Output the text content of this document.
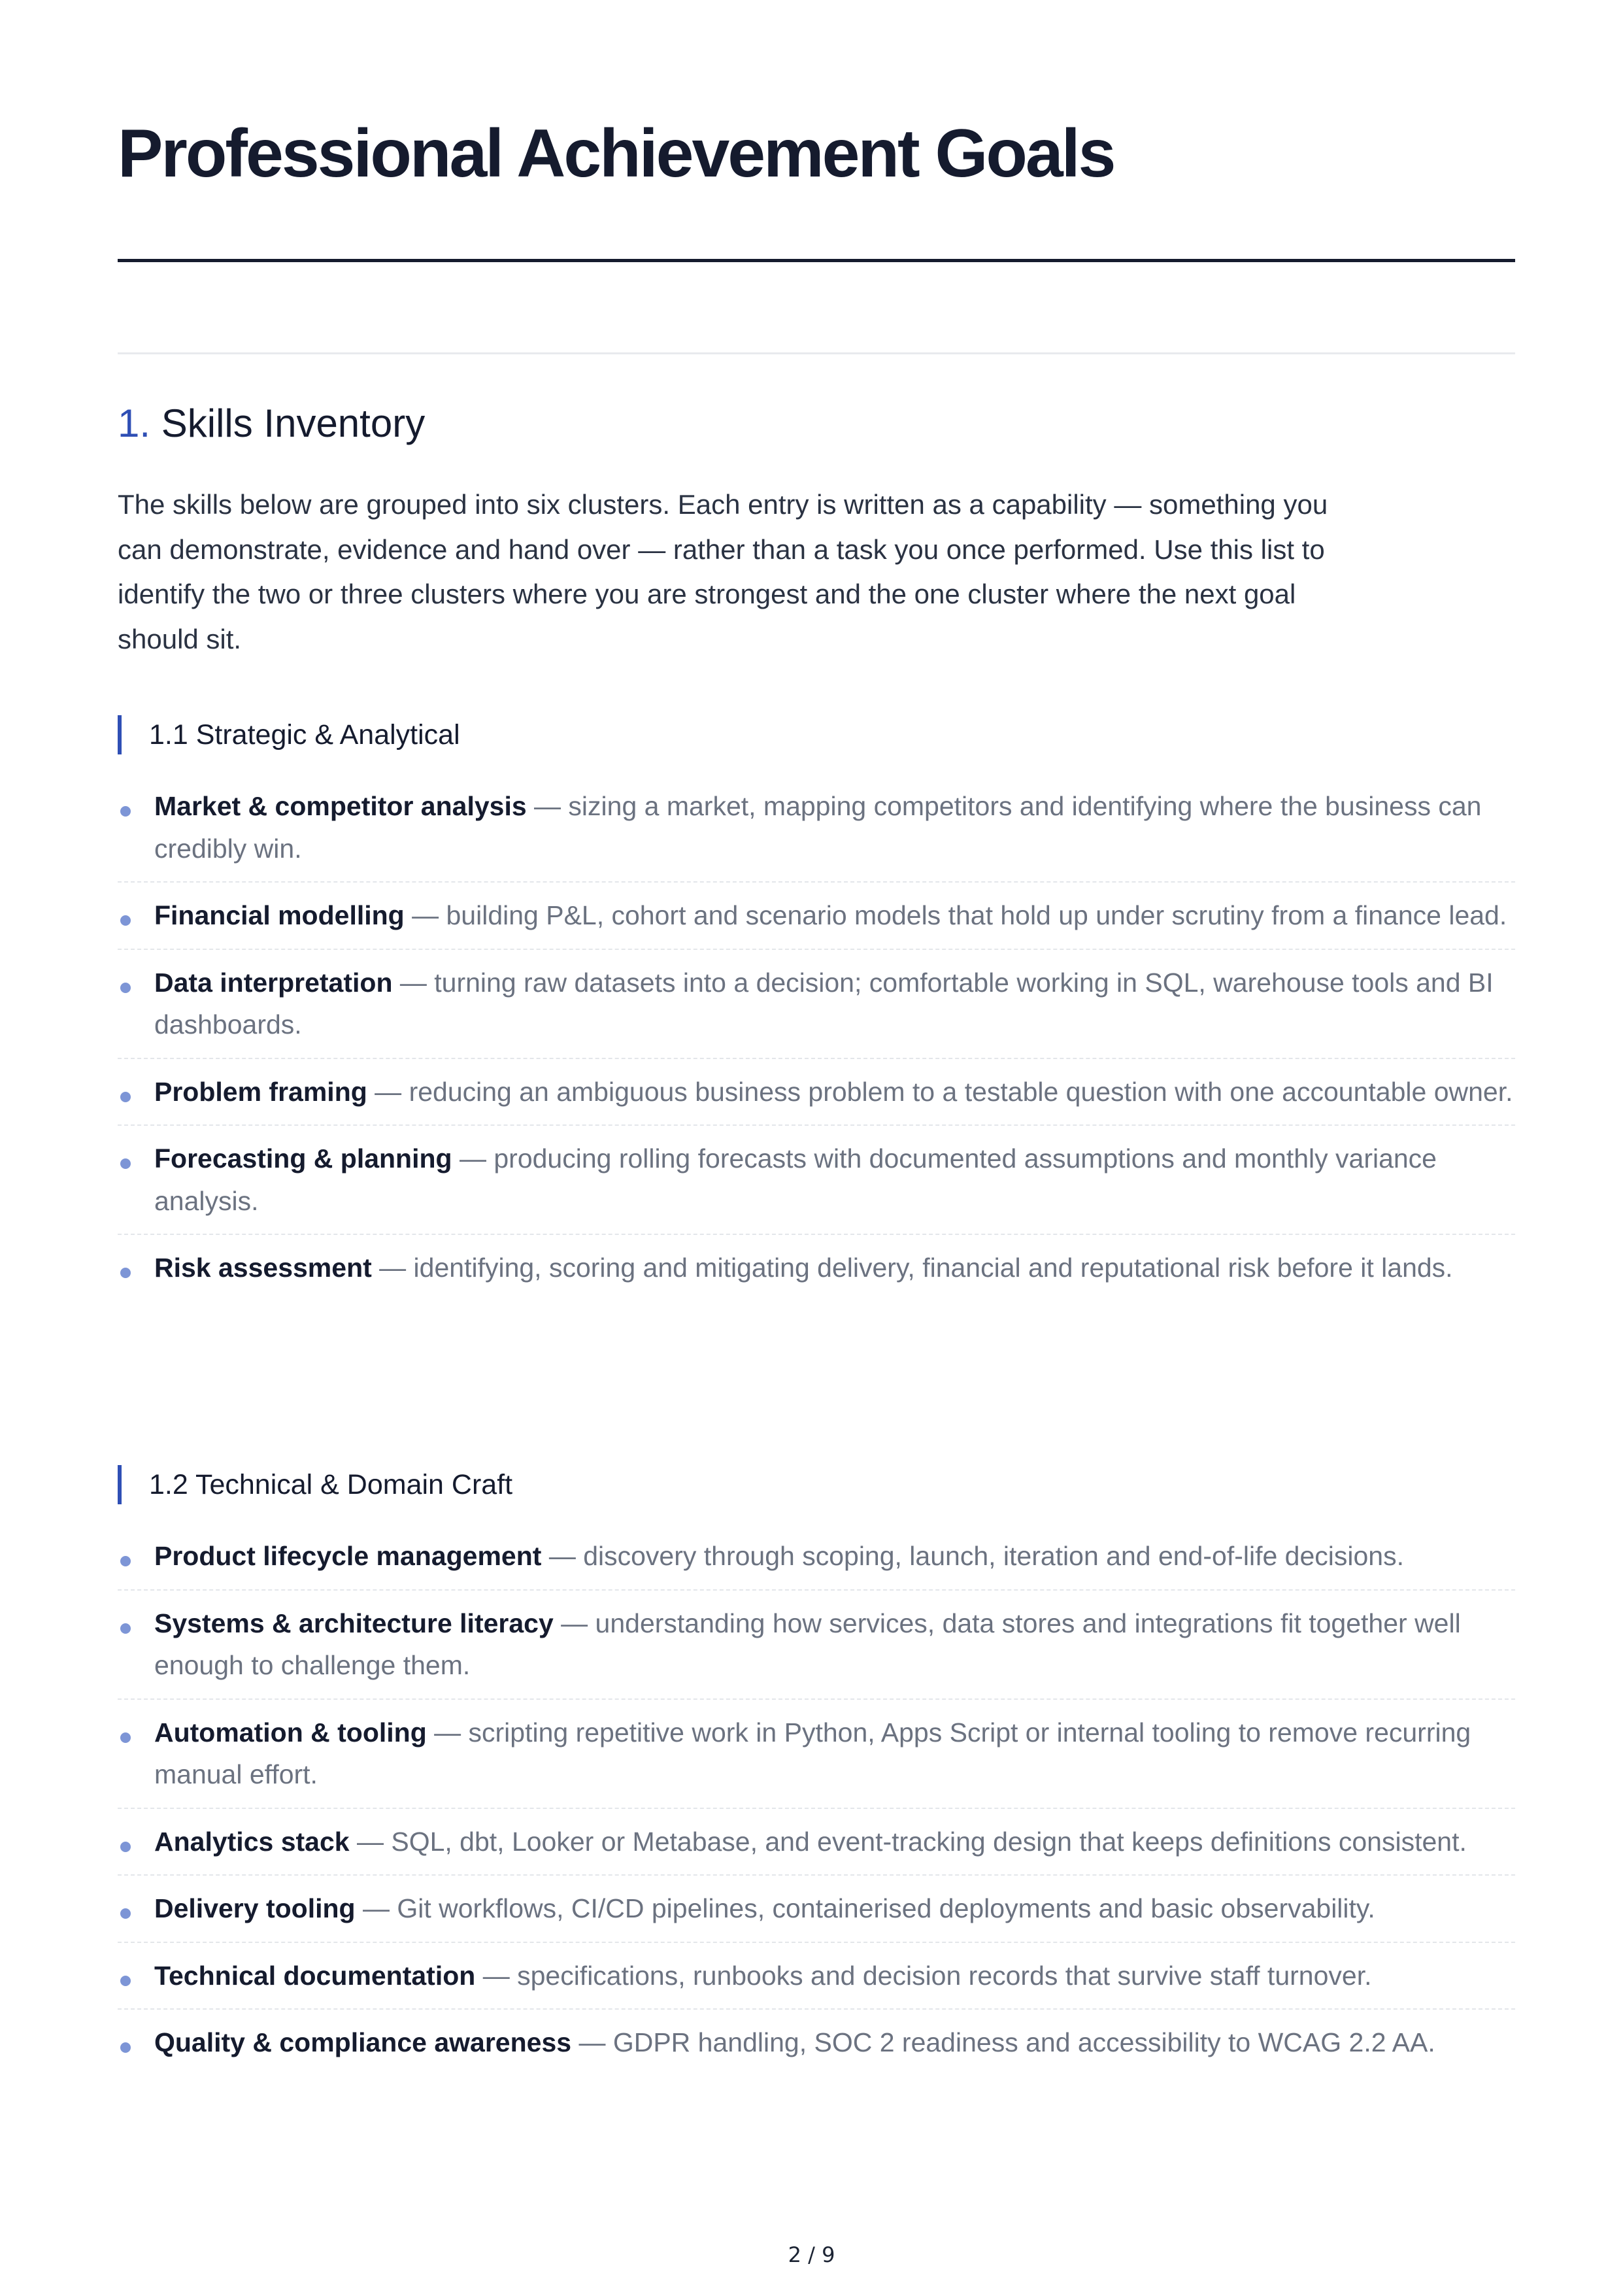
Professional Achievement Goals
1. Skills Inventory

The skills below are grouped into six clusters. Each entry is written as a capability — something you can demonstrate, evidence and hand over — rather than a task you once performed. Use this list to identify the two or three clusters where you are strongest and the one cluster where the next goal should sit.

1.1 Strategic & Analytical
Market & competitor analysis — sizing a market, mapping competitors and identifying where the business can credibly win.
Financial modelling — building P&L, cohort and scenario models that hold up under scrutiny from a finance lead.
Data interpretation — turning raw datasets into a decision; comfortable working in SQL, warehouse tools and BI dashboards.
Problem framing — reducing an ambiguous business problem to a testable question with one accountable owner.
Forecasting & planning — producing rolling forecasts with documented assumptions and monthly variance analysis.
Risk assessment — identifying, scoring and mitigating delivery, financial and reputational risk before it lands.
1.2 Technical & Domain Craft
Product lifecycle management — discovery through scoping, launch, iteration and end-of-life decisions.
Systems & architecture literacy — understanding how services, data stores and integrations fit together well enough to challenge them.
Automation & tooling — scripting repetitive work in Python, Apps Script or internal tooling to remove recurring manual effort.
Analytics stack — SQL, dbt, Looker or Metabase, and event-tracking design that keeps definitions consistent.
Delivery tooling — Git workflows, CI/CD pipelines, containerised deployments and basic observability.
Technical documentation — specifications, runbooks and decision records that survive staff turnover.
Quality & compliance awareness — GDPR handling, SOC 2 readiness and accessibility to WCAG 2.2 AA.
2 / 9
